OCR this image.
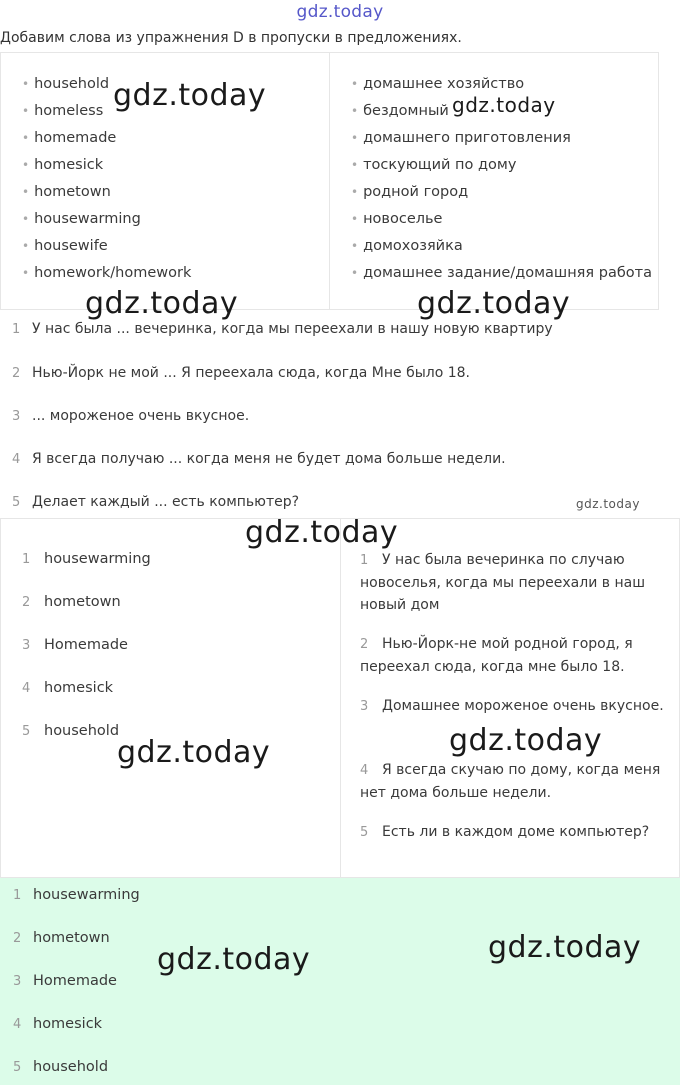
gdz.today
Добавим слова из упражнения D в пропуски в предложениях.
• household
• homeless
• homemade
• homesick
• hometown
• housewarming
• housewife
• homework/homework
• домашнее хозяйство
• бездомный
• домашнего приготовления
• тоскующий по дому
• родной город
• новоселье
• домохозяйка
• домашнее задание/домашняя работа
1 У нас была ... вечеринка, когда мы переехали в нашу новую квартиру
2 Нью-Йорк не мой ... Я переехала сюда, когда Мне было 18.
3 ... мороженое очень вкусное.
4 Я всегда получаю ... когда меня не будет дома больше недели.
5 Делает каждый ... есть компьютер?
1 housewarming
2 hometown
3 Homemade
4 homesick
5 household
1 У нас была вечеринка по случаю новоселья, когда мы переехали в наш новый дом
2 Нью-Йорк-не мой родной город, я переехал сюда, когда мне было 18.
3 Домашнее мороженое очень вкусное.
4 Я всегда скучаю по дому, когда меня нет дома больше недели.
5 Есть ли в каждом доме компьютер?
1 housewarming
2 hometown
3 Homemade
4 homesick
5 household
gdz.today	gdz.today
gdz.today	gdz.today
gdz.today
gdz.today
gdz.today	gdz.today
gdz.today
gdz.today
